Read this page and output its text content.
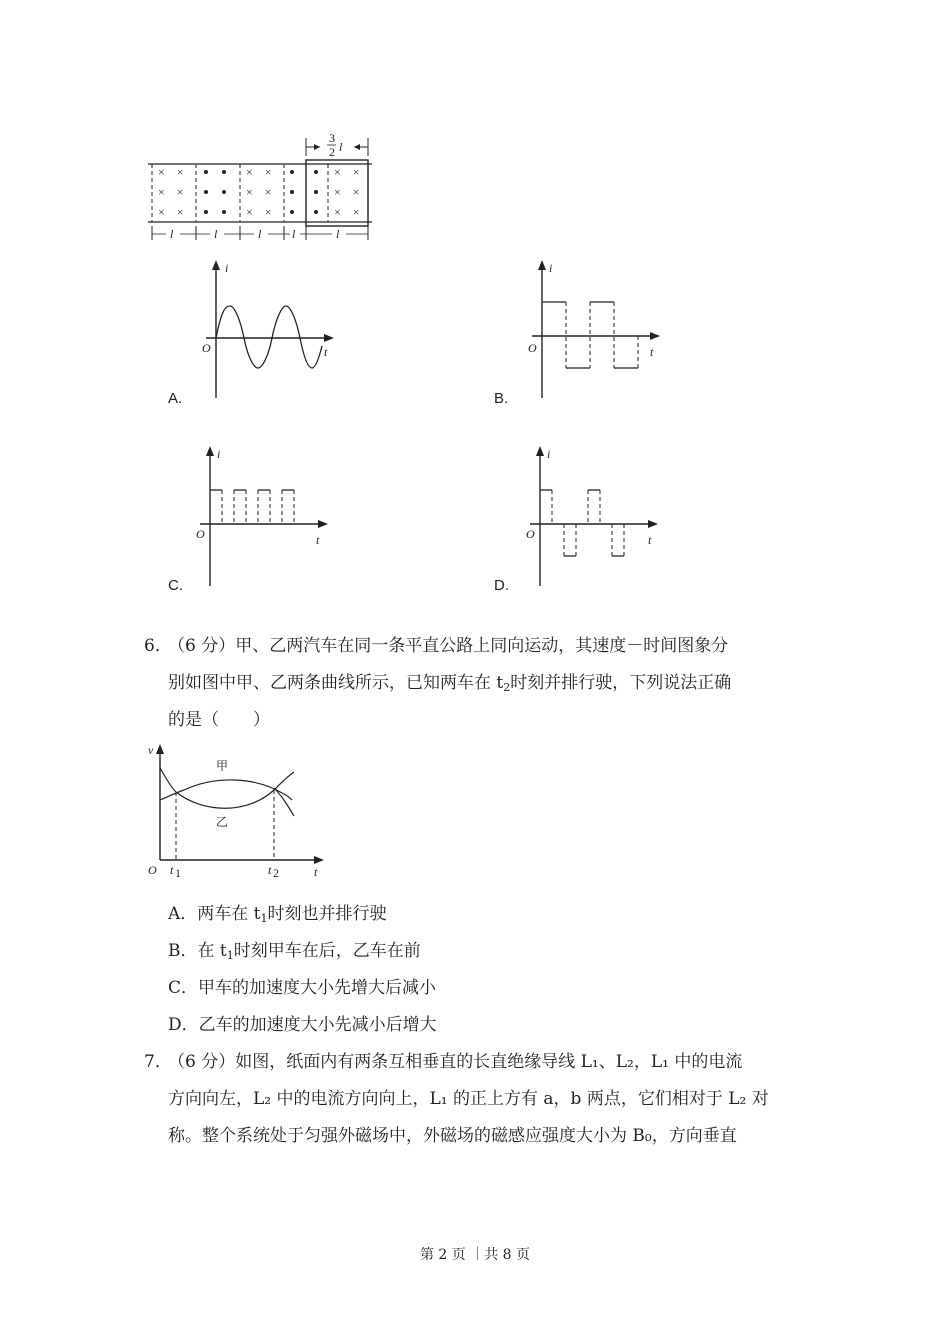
×　×
×　×
×　×
×　×
×　×
×　×
×　×
×　×
×　×
3
2 l
l	l	l	l	l
i
t
O
A.
i
t
O
B.
i
t
O
C.
i
t
O
D.
6．
（6 分）甲、乙两汽车在同一条平直公路上同向运动，其速度－时间图象分
别如图中甲、乙两条曲线所示，已知两车在 $t_2$时刻并排行驶，下列说法正确
的是（　　）
甲
乙
v
t
O t 1	t 2
A．两车在 $t_1$时刻也并排行驶
B．在 $t_1$时刻甲车在后，乙车在前
C．甲车的加速度大小先增大后减小
D．乙车的加速度大小先减小后增大
7．
（6 分）如图，纸面内有两条互相垂直的长直绝缘导线 L₁、L₂，L₁ 中的电流
方向向左，L₂ 中的电流方向向上，L₁ 的正上方有 a，b 两点，它们相对于 L₂ 对
称。整个系统处于匀强外磁场中，外磁场的磁感应强度大小为 B₀，方向垂直
第 2 页 ｜共 8 页
